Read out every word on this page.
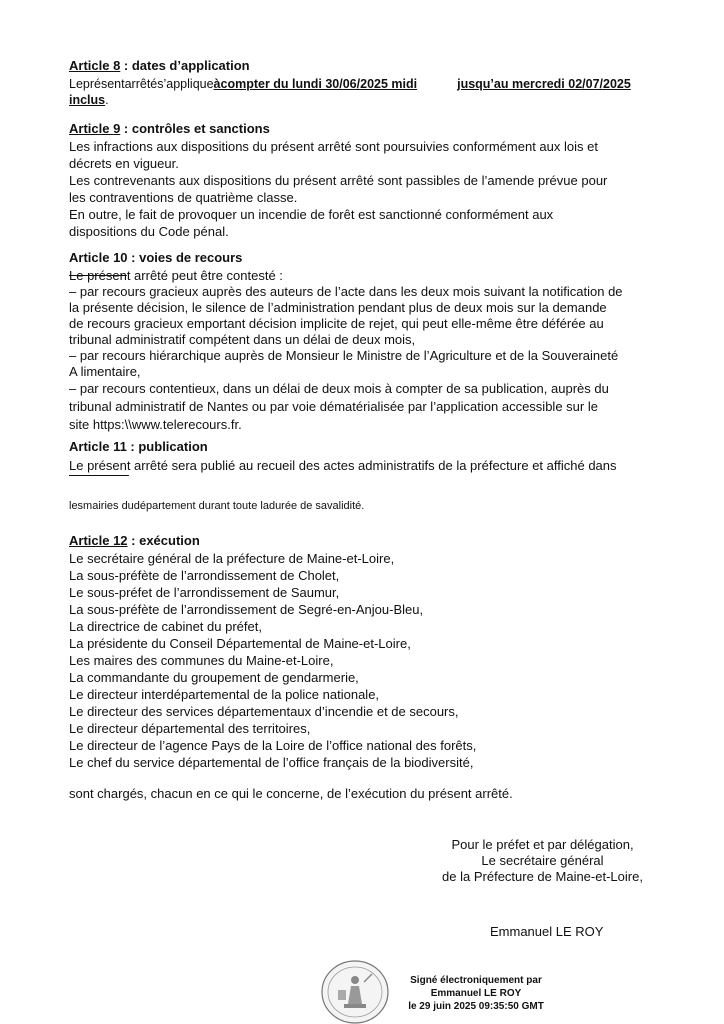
Article 8 : dates d’application
Leprésentarrêtés’appliqueàcompter du lundi 30/06/2025 midi	jusqu’au mercredi 02/07/2025
inclus.
Article 9 : contrôles et sanctions
Les infractions aux dispositions du présent arrêté sont poursuivies conformément aux lois et
décrets en vigueur.
Les contrevenants aux dispositions du présent arrêté sont passibles de l’amende prévue pour
les contraventions de quatrième classe.
En outre, le fait de provoquer un incendie de forêt est sanctionné conformément aux
dispositions du Code pénal.
Article 10 : voies de recours
Le présent arrêté peut être contesté :
– par recours gracieux auprès des auteurs de l’acte dans les deux mois suivant la notification de
la présente décision, le silence de l’administration pendant plus de deux mois sur la demande
de recours gracieux emportant décision implicite de rejet, qui peut elle-même être déférée au
tribunal administratif compétent dans un délai de deux mois,
– par recours hiérarchique auprès de Monsieur le Ministre de l’Agriculture et de la Souveraineté
A limentaire,
– par recours contentieux, dans un délai de deux mois à compter de sa publication, auprès du
tribunal administratif de Nantes ou par voie dématérialisée par l’application accessible sur le
site https:\\www.telerecours.fr.
Article 11 : publication
Le présent arrêté sera publié au recueil des actes administratifs de la préfecture et affiché dans
lesmairies dudépartement durant toute ladurée de savalidité.
Article 12 : exécution
Le secrétaire général de la préfecture de Maine-et-Loire,
La sous-préfète de l’arrondissement de Cholet,
Le sous-préfet de l’arrondissement de Saumur,
La sous-préfète de l’arrondissement de Segré-en-Anjou-Bleu,
La directrice de cabinet du préfet,
La présidente du Conseil Départemental de Maine-et-Loire,
Les maires des communes du Maine-et-Loire,
La commandante du groupement de gendarmerie,
Le directeur interdépartemental de la police nationale,
Le directeur des services départementaux d’incendie et de secours,
Le directeur départemental des territoires,
Le directeur de l’agence Pays de la Loire de l’office national des forêts,
Le chef du service départemental de l’office français de la biodiversité,
sont chargés, chacun en ce qui le concerne, de l’exécution du présent arrêté.
Pour le préfet et par délégation,
Le secrétaire général
de la Préfecture de Maine-et-Loire,
Emmanuel LE ROY
Signé électroniquement par
Emmanuel LE ROY
le 29 juin 2025 09:35:50 GMT
